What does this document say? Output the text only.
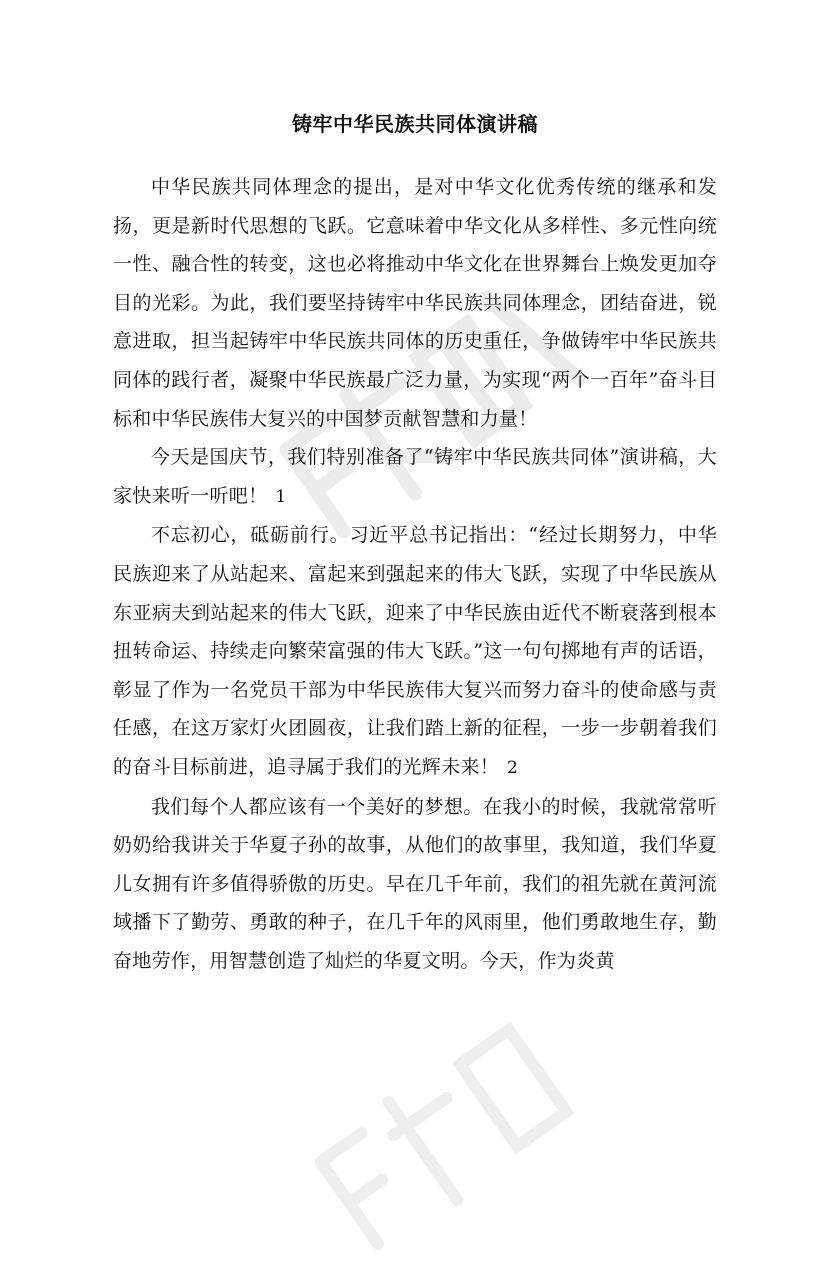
铸牢中华民族共同体演讲稿

中华民族共同体理念的提出，是对中华文化优秀传统的继承和发扬，更是新时代思想的飞跃。它意味着中华文化从多样性、多元性向统一性、融合性的转变，这也必将推动中华文化在世界舞台上焕发更加夺目的光彩。为此，我们要坚持铸牢中华民族共同体理念，团结奋进，锐意进取，担当起铸牢中华民族共同体的历史重任，争做铸牢中华民族共同体的践行者，凝聚中华民族最广泛力量，为实现“两个一百年”奋斗目标和中华民族伟大复兴的中国梦贡献智慧和力量！

今天是国庆节，我们特别准备了“铸牢中华民族共同体”演讲稿，大家快来听一听吧！ 1

不忘初心，砥砺前行。习近平总书记指出：“经过长期努力，中华民族迎来了从站起来、富起来到强起来的伟大飞跃，实现了中华民族从东亚病夫到站起来的伟大飞跃，迎来了中华民族由近代不断衰落到根本扭转命运、持续走向繁荣富强的伟大飞跃。”这一句句掷地有声的话语，彰显了作为一名党员干部为中华民族伟大复兴而努力奋斗的使命感与责任感，在这万家灯火团圆夜，让我们踏上新的征程，一步一步朝着我们的奋斗目标前进，追寻属于我们的光辉未来！ 2

我们每个人都应该有一个美好的梦想。在我小的时候，我就常常听奶奶给我讲关于华夏子孙的故事，从他们的故事里，我知道，我们华夏儿女拥有许多值得骄傲的历史。早在几千年前，我们的祖先就在黄河流域播下了勤劳、勇敢的种子，在几千年的风雨里，他们勇敢地生存，勤奋地劳作，用智慧创造了灿烂的华夏文明。今天，作为炎黄
